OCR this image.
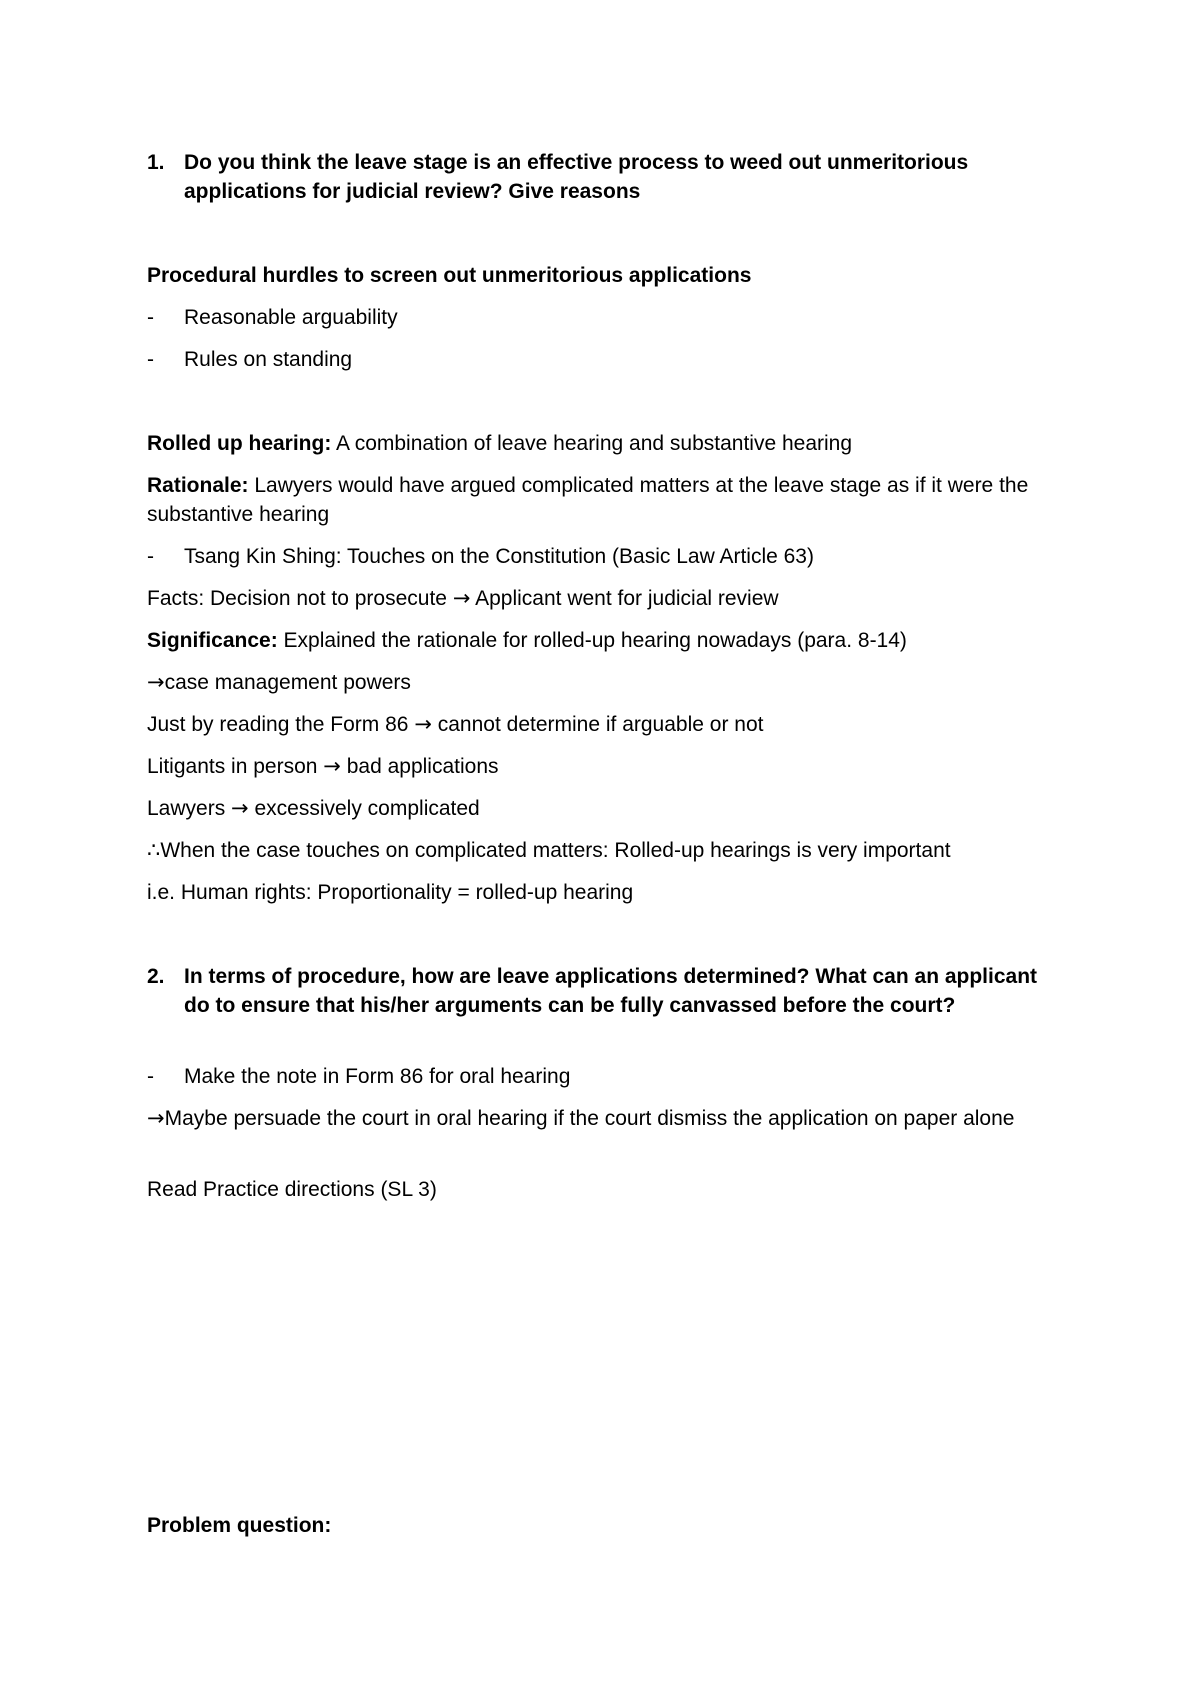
1. Do you think the leave stage is an effective process to weed out unmeritorious applications for judicial review? Give reasons
Procedural hurdles to screen out unmeritorious applications
- Reasonable arguability
- Rules on standing
Rolled up hearing: A combination of leave hearing and substantive hearing
Rationale: Lawyers would have argued complicated matters at the leave stage as if it were the substantive hearing
- Tsang Kin Shing: Touches on the Constitution (Basic Law Article 63)
Facts: Decision not to prosecute → Applicant went for judicial review
Significance: Explained the rationale for rolled-up hearing nowadays (para. 8-14)
→case management powers
Just by reading the Form 86 → cannot determine if arguable or not
Litigants in person → bad applications
Lawyers → excessively complicated
∴When the case touches on complicated matters: Rolled-up hearings is very important
i.e. Human rights: Proportionality = rolled-up hearing
2. In terms of procedure, how are leave applications determined? What can an applicant do to ensure that his/her arguments can be fully canvassed before the court?
- Make the note in Form 86 for oral hearing
→Maybe persuade the court in oral hearing if the court dismiss the application on paper alone
Read Practice directions (SL 3)
Problem question:
